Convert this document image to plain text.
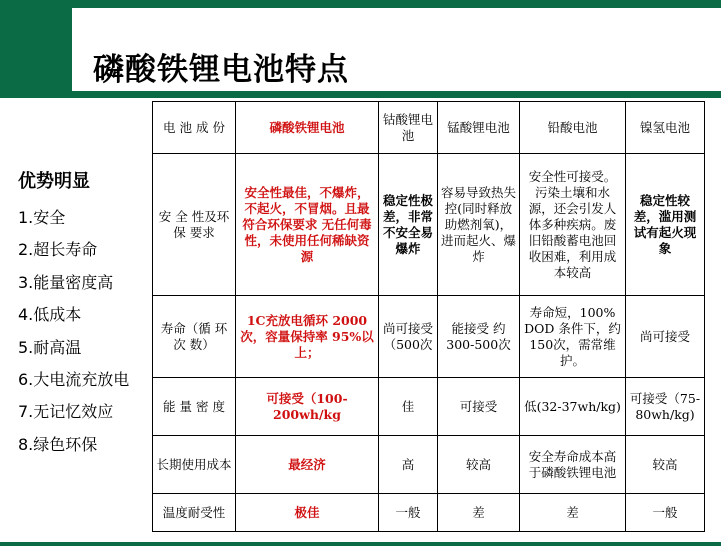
磷酸铁锂电池特点
优势明显
1.安全
2.超长寿命
3.能量密度高
4.低成本
5.耐高温
6.大电流充放电
7.无记忆效应
8.绿色环保
电 池 成 份	磷酸铁锂电池	钴酸锂电池	锰酸锂电池	铅酸电池	镍氢电池
安 全 性及环 保 要求	安全性最佳，不爆炸，不起火，不冒烟。且最符合环保要求 无任何毒性，未使用任何稀缺资源	稳定性极差，非常不安全易爆炸	容易导致热失控(同时释放助燃剂氧)，进而起火、爆炸	安全性可接受。污染土壤和水源，还会引发人体多种疾病。废旧铅酸蓄电池回收困难，利用成本较高	稳定性较差，滥用测试有起火现象
寿命（循 环 次 数）	1C充放电循环 2000次，容量保持率 95%以上；	尚可接受（500次	能接受 约 300-500次	寿命短，100% DOD 条件下，约150次，需常维护。	尚可接受
能 量 密 度	可接受（100-200wh/kg	佳	可接受	低(32-37wh/kg)	可接受（75-80wh/kg)
长期使用成本	最经济	高	较高	安全寿命成本高于磷酸铁锂电池	较高
温度耐受性	极佳	一般	差	差	一般
